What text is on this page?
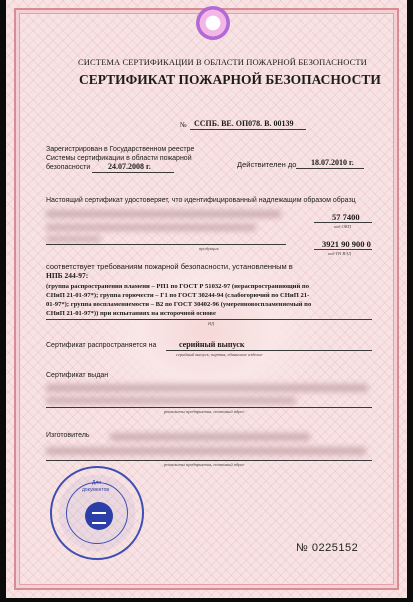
СИСТЕМА СЕРТИФИКАЦИИ В ОБЛАСТИ ПОЖАРНОЙ БЕЗОПАСНОСТИ
СЕРТИФИКАТ ПОЖАРНОЙ БЕЗОПАСНОСТИ
№ ССПБ. BE. ОП078. В. 00139
Зарегистрирован в Государственном реестре
Системы сертификации в области пожарной
безопасности 24.07.2008 г.	Действителен до 18.07.2010 г.
Настоящий сертификат удостоверяет, что идентифицированный надлежащим образом образц
57 7400
код ОКП
продукция	3921 90 900 0
код ТН ВЭД
соответствует требованиям пожарной безопасности, установленным в
НПБ 244-97:
(группа распространения пламени – РП1 по ГОСТ Р 51032-97 (нераспространяющий по
СНиП 21-01-97*); группа горючести – Г1 по ГОСТ 30244-94 (слабогорючий по СНиП 21-
01-97*); группа воспламеняемости – В2 по ГОСТ 30402-96 (умеренновоспламеняемый по
СНиП 21-01-97*)) при испытаниях на исторочной основе
НД
Сертификат распространяется на	серийный выпуск
серийный выпуск, партия, единичное изделие
Сертификат выдан
реквизиты предприятия, почтовый адрес
Изготовитель
реквизиты предприятия, почтовый адрес
Для
документов
№ 0225152
